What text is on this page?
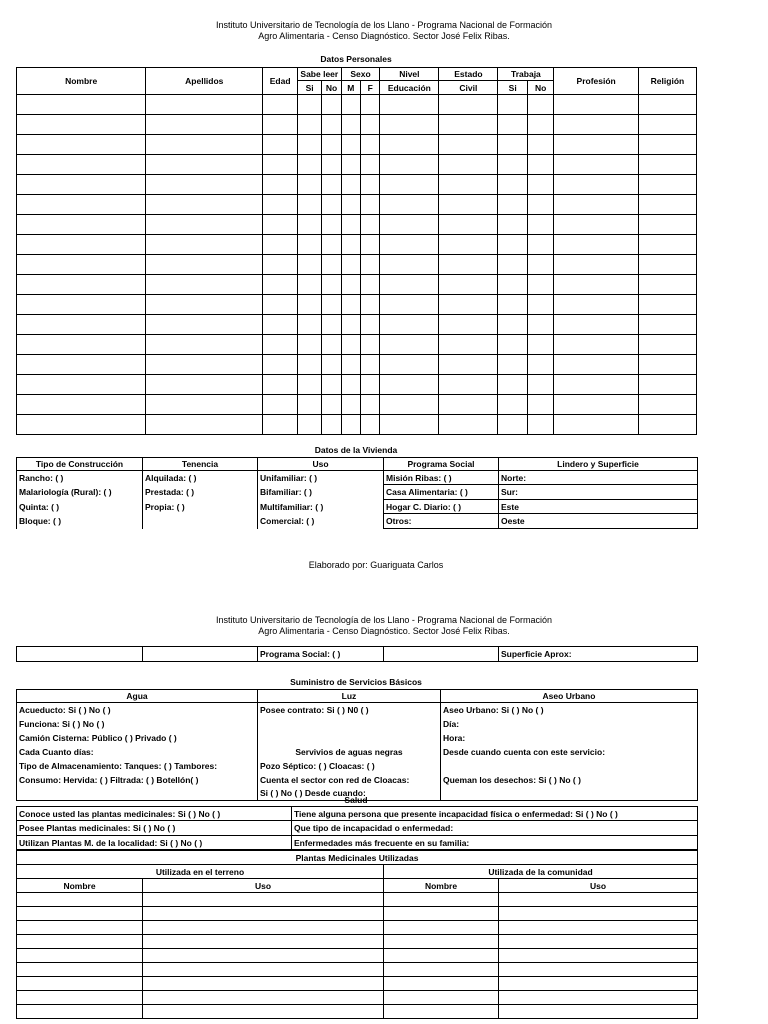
Instituto Universitario de Tecnología de los Llano - Programa Nacional de Formación
Agro Alimentaria - Censo Diagnóstico. Sector José Felix Ribas.
Datos Personales
Nombre	Apellidos	Edad	Sabe leer		Sexo		Nivel	Estado	Trabaja		Profesión	Religión
			Si	No	M	F	Educación	Civil	Si	No		

Datos de la Vivienda
Tipo de Construcción	Tenencia	Uso	Programa Social	Lindero y Superficie
Rancho: ( )	Alquilada: ( )	Unifamiliar: ( )	Misión Ribas: ( )	Norte:
Malariología (Rural): ( )	Prestada: ( )	Bifamiliar: ( )	Casa Alimentaria: ( )	Sur:
Quinta: ( )	Propia: ( )	Multifamiliar: ( )	Hogar C. Diario: ( )	Este
Bloque: ( )		Comercial: ( )	Otros:	Oeste
Elaborado por: Guariguata Carlos
Instituto Universitario de Tecnología de los Llano - Programa Nacional de Formación
Agro Alimentaria - Censo Diagnóstico. Sector José Felix Ribas.
		Programa Social: ( )		Superficie Aprox:
Suministro de Servicios Básicos
Agua	Luz	Aseo Urbano
Acueducto: Si ( ) No ( )	Posee contrato: Si ( ) N0 ( )	Aseo Urbano: Si ( ) No ( )
Funciona: Si ( ) No ( )		Día:
Camión Cisterna: Público ( ) Privado ( )		Hora:
Cada Cuanto días:	Servivios de aguas negras	Desde cuando cuenta con este servicio:
Tipo de Almacenamiento: Tanques: ( ) Tambores:	Pozo Séptico: ( ) Cloacas: ( )	
Consumo: Hervida: ( ) Filtrada: ( ) Botellón( )	Cuenta el sector con red de Cloacas:	Queman los desechos: Si ( ) No ( )
	Si ( ) No ( ) Desde cuando:	
Salud
Conoce usted las plantas medicinales: Si ( ) No ( )	Tiene alguna persona que presente incapacidad física o enfermedad: Si ( ) No ( )
Posee Plantas medicinales: Si ( ) No ( )	Que tipo de incapacidad o enfermedad:
Utilizan Plantas M. de la localidad: Si ( ) No ( )	Enfermedades más frecuente en su familia:
Plantas Medicinales Utilizadas			
Utilizada en el terreno		Utilizada de la comunidad	
Nombre	Uso	Nombre	Uso
